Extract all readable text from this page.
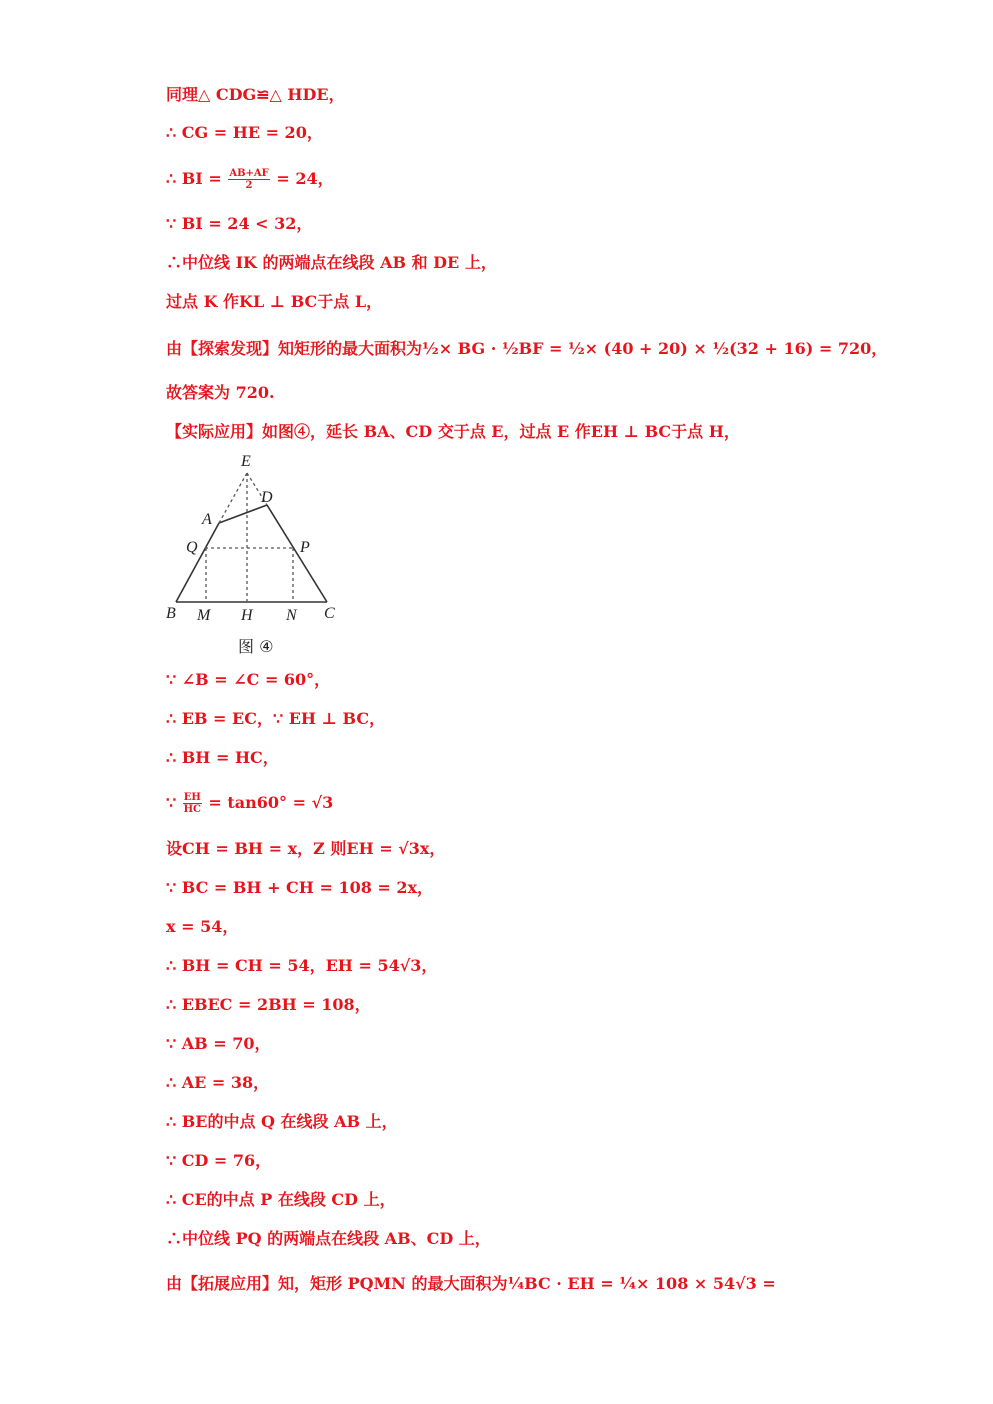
同理△ CDG≌△ HDE，
∴ CG = HE = 20，
∴ BI = $\frac{AB+AF}{2} = 24$，
∵ BI = 24 < 32，
∴中位线 IK 的两端点在线段 AB 和 DE 上，
过点 K 作KL ⊥ BC于点 L，
由【探索发现】知矩形的最大面积为½× BG · ½BF = ½× (40 + 20) × ½(32 + 16) = 720，
故答案为 720.
【实际应用】如图④，延长 BA、CD 交于点 E，过点 E 作EH ⊥ BC于点 H，
E
D
A
Q	P
B M H N C
图 ④
∵ ∠B = ∠C = 60°，
∴ EB = EC，∵ EH ⊥ BC，
∴ BH = HC，
∵ $\frac{EH}{HC} = \tan 60^\circ = √3$
设CH = BH = x，Z 则EH = √3x，
∵ BC = BH + CH = 108 = 2x，
x = 54，
∴ BH = CH = 54，EH = 54√3，
∴ EBEC = 2BH = 108，
∵ AB = 70，
∴ AE = 38，
∴ BE的中点 Q 在线段 AB 上，
∵ CD = 76，
∴ CE的中点 P 在线段 CD 上，
∴中位线 PQ 的两端点在线段 AB、CD 上，
由【拓展应用】知，矩形 PQMN 的最大面积为¼BC · EH = ¼× 108 × 54√3 =
